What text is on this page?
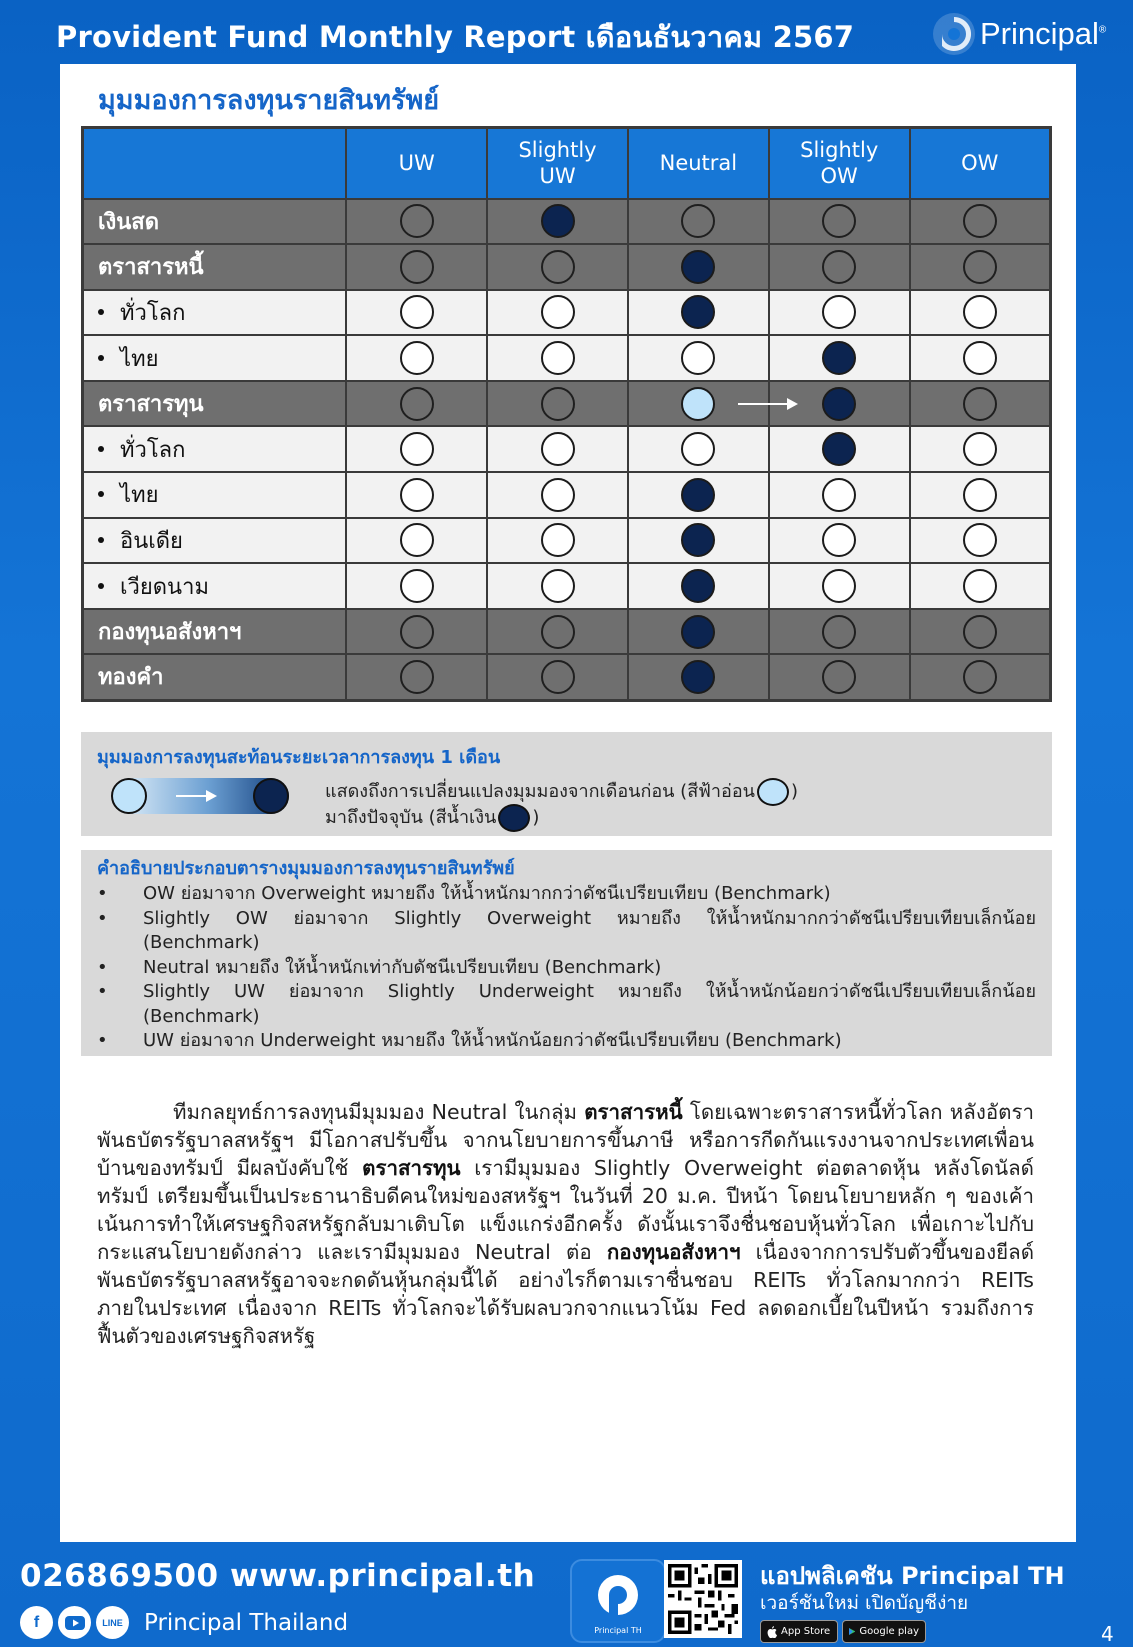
Provident Fund Monthly Report เดือนธันวาคม 2567	Principal®
มุมมองการลงทุนรายสินทรัพย์
	UW	Slightly UW	Neutral	Slightly OW	OW
เงินสด					
ตราสารหนี้					
ทั่วโลก					
ไทย					
ตราสารทุน			

ทั่วโลก					
ไทย					
อินเดีย					
เวียดนาม					
กองทุนอสังหาฯ					
ทองคำ					
มุมมองการลงทุนสะท้อนระยะเวลาการลงทุน 1 เดือน
แสดงถึงการเปลี่ยนแปลงมุมมองจากเดือนก่อน (สีฟ้าอ่อน )
มาถึงปัจจุบัน (สีน้ำเงิน )
คำอธิบายประกอบตารางมุมมองการลงทุนรายสินทรัพย์
• OW ย่อมาจาก Overweight หมายถึง ให้น้ำหนักมากกว่าดัชนีเปรียบเทียบ (Benchmark)
• Slightly OW ย่อมาจาก Slightly Overweight หมายถึง ให้น้ำหนักมากกว่าดัชนีเปรียบเทียบเล็กน้อย (Benchmark)
• Neutral หมายถึง ให้น้ำหนักเท่ากับดัชนีเปรียบเทียบ (Benchmark)
• Slightly UW ย่อมาจาก Slightly Underweight หมายถึง ให้น้ำหนักน้อยกว่าดัชนีเปรียบเทียบเล็กน้อย (Benchmark)
• UW ย่อมาจาก Underweight หมายถึง ให้น้ำหนักน้อยกว่าดัชนีเปรียบเทียบ (Benchmark)
ทีมกลยุทธ์การลงทุนมีมุมมอง Neutral ในกลุ่ม ตราสารหนี้ โดยเฉพาะตราสารหนี้ทั่วโลก หลังอัตราพันธบัตรรัฐบาลสหรัฐฯ มีโอกาสปรับขึ้น จากนโยบายการขึ้นภาษี หรือการกีดกันแรงงานจากประเทศเพื่อนบ้านของทรัมป์ มีผลบังคับใช้ ตราสารทุน เรามีมุมมอง Slightly Overweight ต่อตลาดหุ้น หลังโดนัลด์ ทรัมป์ เตรียมขึ้นเป็นประธานาธิบดีคนใหม่ของสหรัฐฯ ในวันที่ 20 ม.ค. ปีหน้า โดยนโยบายหลัก ๆ ของเค้า เน้นการทำให้เศรษฐกิจสหรัฐกลับมาเติบโต แข็งแกร่งอีกครั้ง ดังนั้นเราจึงชื่นชอบหุ้นทั่วโลก เพื่อเกาะไปกับกระแสนโยบายดังกล่าว และเรามีมุมมอง Neutral ต่อ กองทุนอสังหาฯ เนื่องจากการปรับตัวขึ้นของยีลด์พันธบัตรรัฐบาลสหรัฐอาจจะกดดันหุ้นกลุ่มนี้ได้ อย่างไรก็ตามเราชื่นชอบ REITs ทั่วโลกมากกว่า REITs ภายในประเทศ เนื่องจาก REITs ทั่วโลกจะได้รับผลบวกจากแนวโน้ม Fed ลดดอกเบี้ยในปีหน้า รวมถึงการฟื้นตัวของเศรษฐกิจสหรัฐ
026869500 www.principal.th
f	LINE Principal Thailand	Principal TH
แอปพลิเคชัน Principal TH
เวอร์ชันใหม่ เปิดบัญชีง่าย
App Store	Google play	4
